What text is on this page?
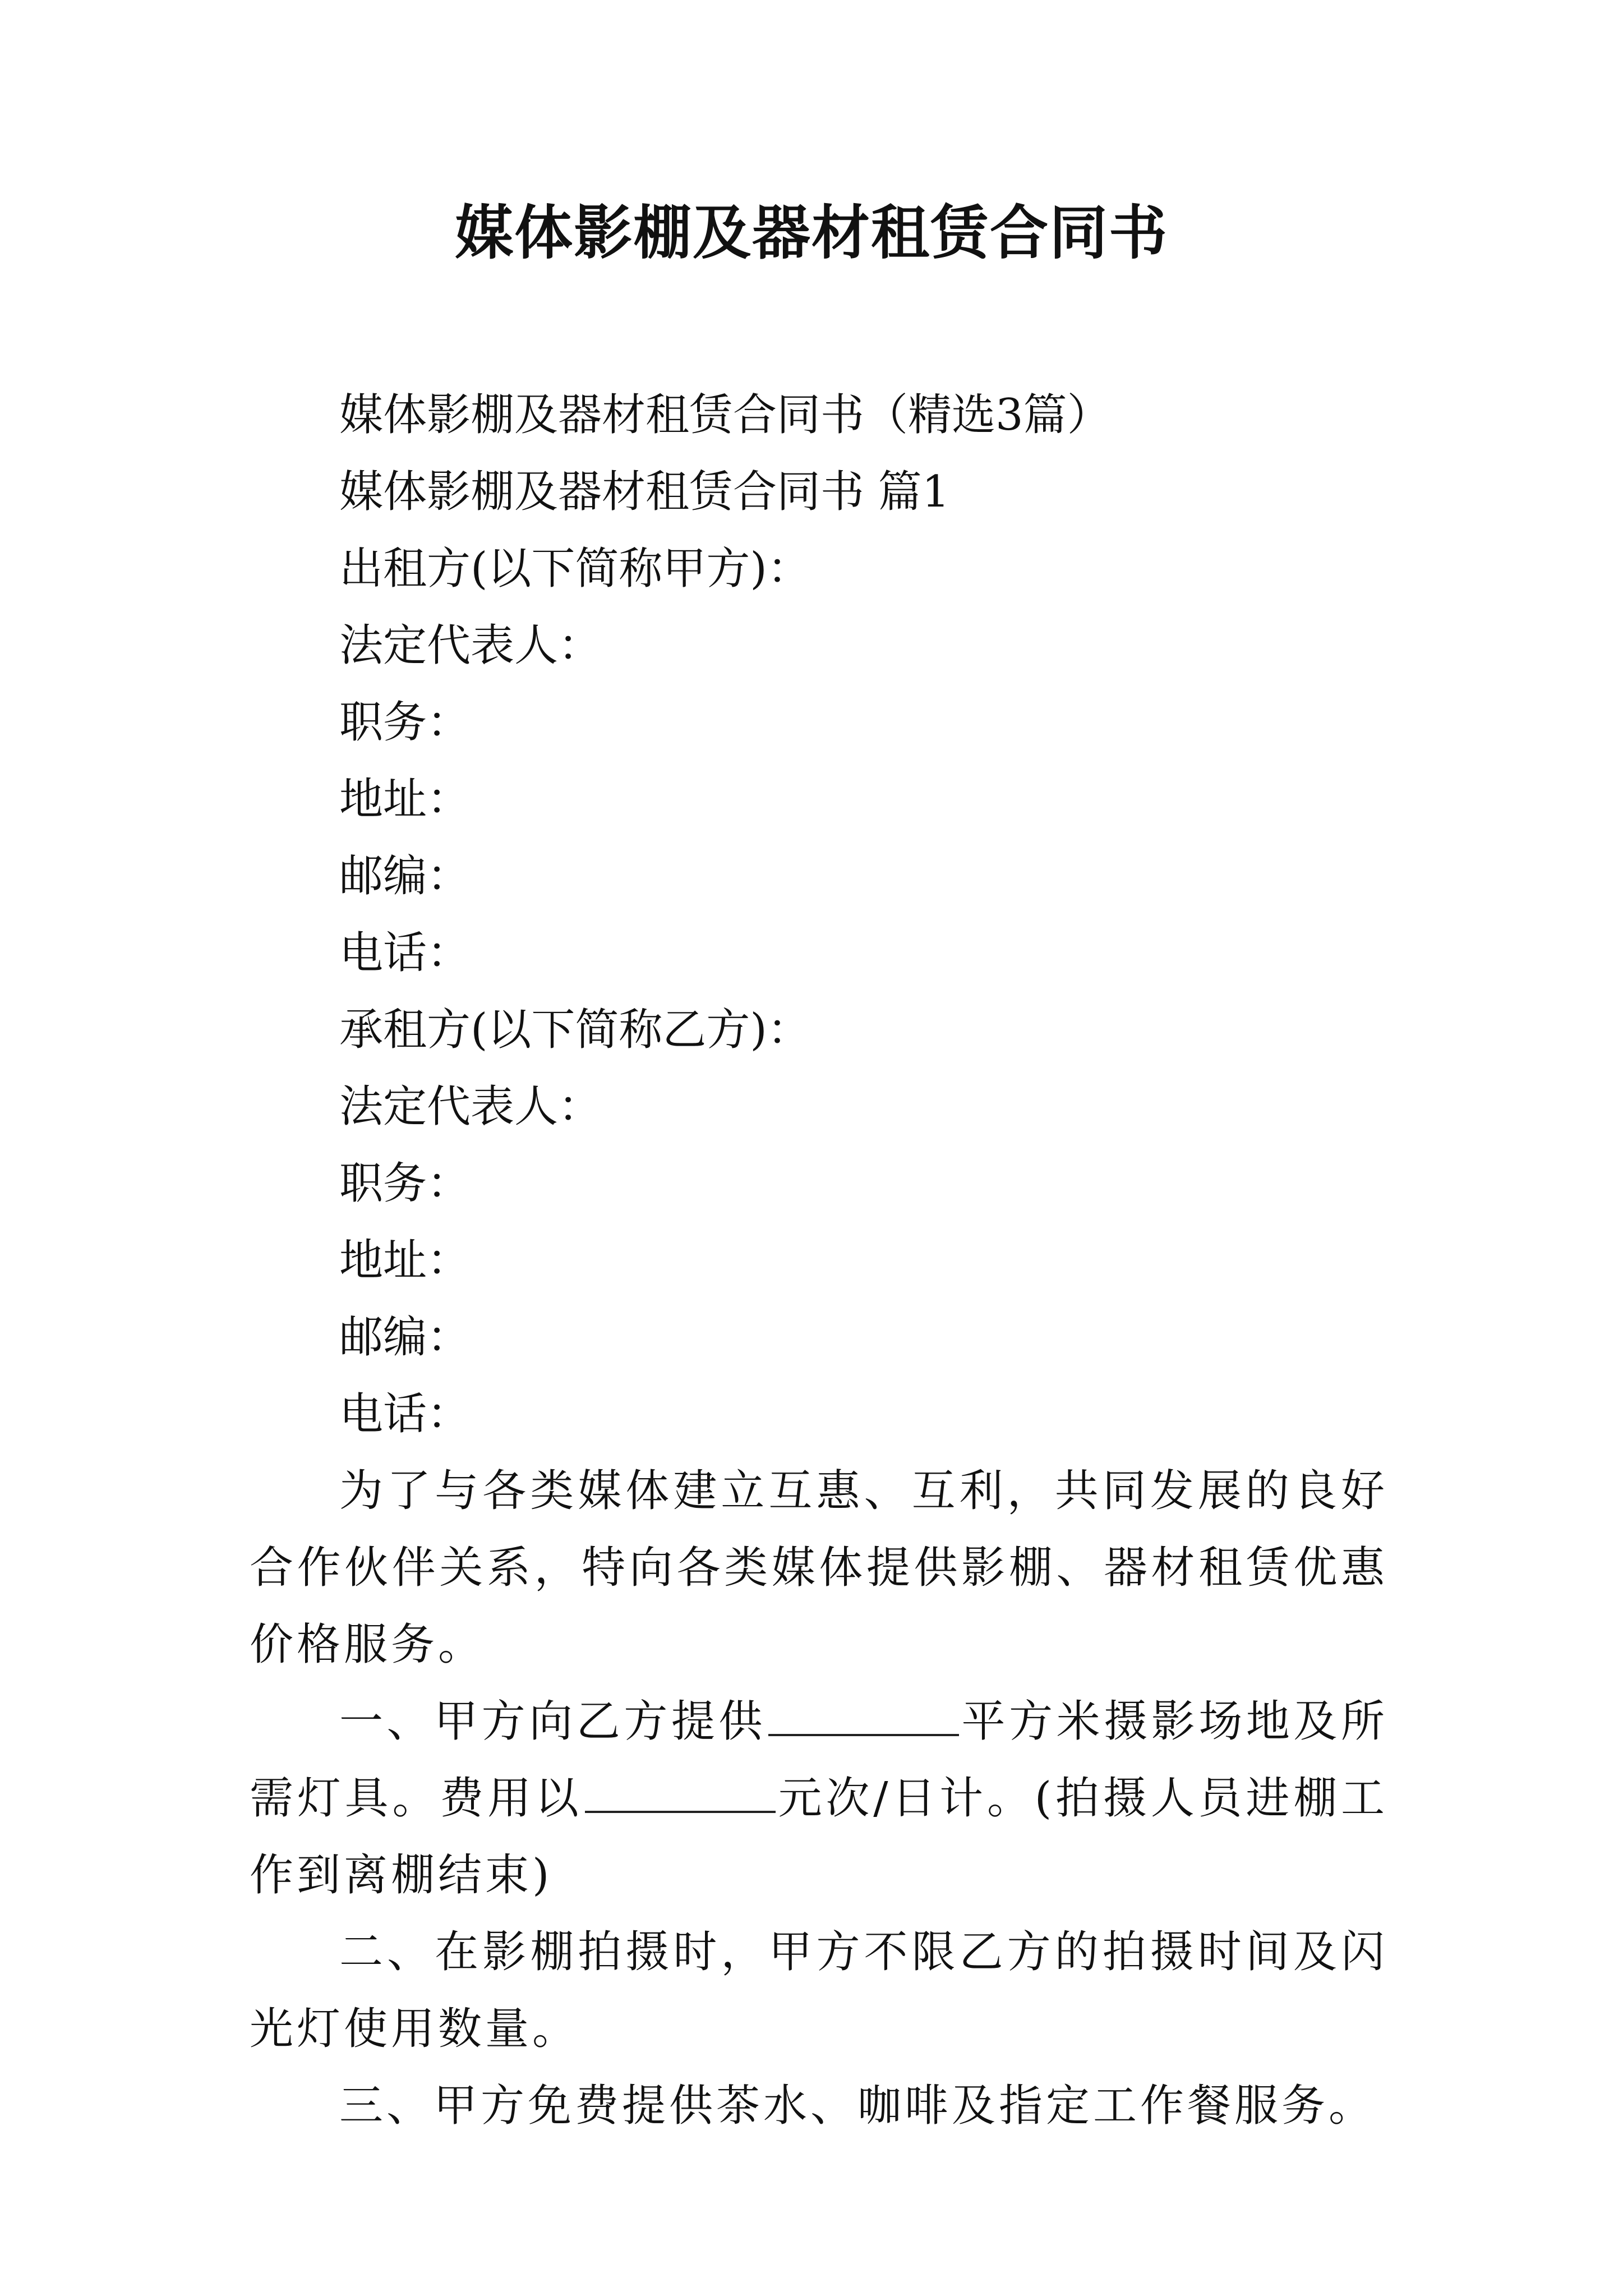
媒体影棚及器材租赁合同书

媒体影棚及器材租赁合同书（精选3篇）

媒体影棚及器材租赁合同书 篇1

出租方(以下简称甲方)：

法定代表人：

职务：

地址：

邮编：

电话：

承租方(以下简称乙方)：

法定代表人：

职务：

地址：

邮编：

电话：

为了与各类媒体建立互惠、互利，共同发展的良好合作伙伴关系，特向各类媒体提供影棚、器材租赁优惠价格服务。

一、甲方向乙方提供	平方米摄影场地及所需灯具。费用以	元次/日计。(拍摄人员进棚工作到离棚结束)

二、在影棚拍摄时，甲方不限乙方的拍摄时间及闪光灯使用数量。

三、甲方免费提供茶水、咖啡及指定工作餐服务。
